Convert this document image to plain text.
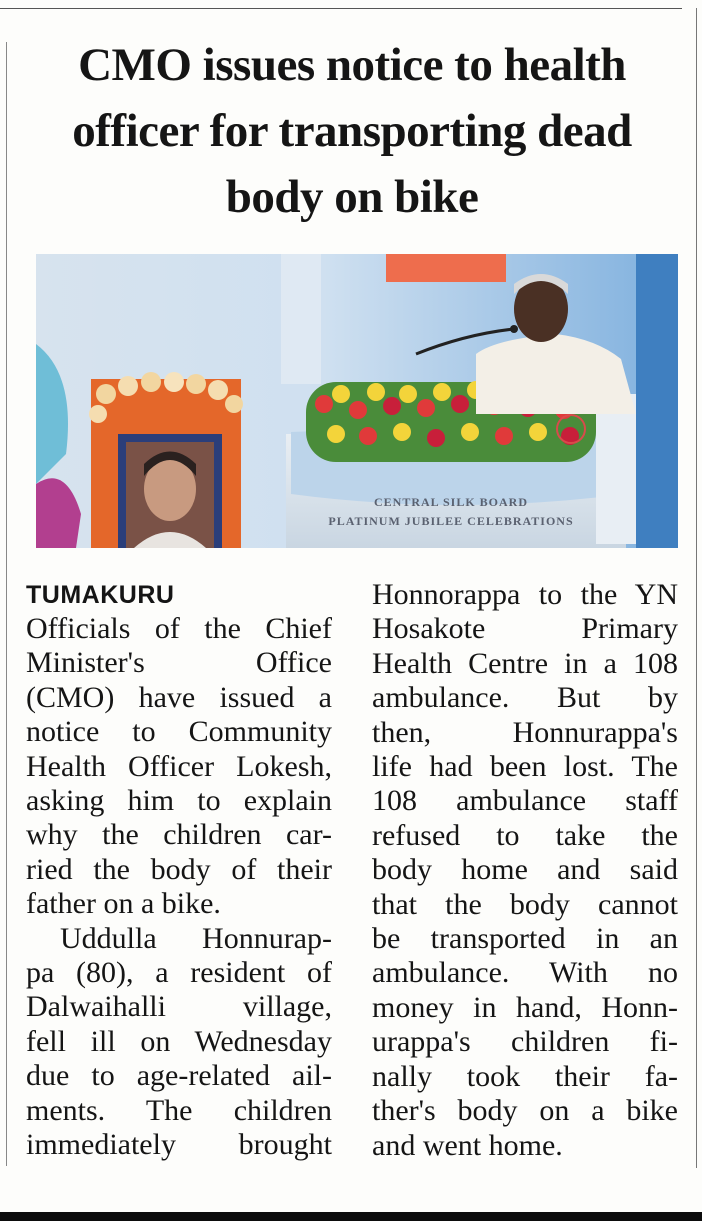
CMO issues notice to health
officer for transporting dead
body on bike
CENTRAL SILK BOARD
PLATINUM JUBILEE CELEBRATIONS
TUMAKURU
Officials of the Chief
Minister's Office
(CMO) have issued a
notice to Community
Health Officer Lokesh,
asking him to explain
why the children car-
ried the body of their
father on a bike.
Uddulla Honnurap-
pa (80), a resident of
Dalwaihalli village,
fell ill on Wednesday
due to age-related ail-
ments. The children
immediately brought
Honnorappa to the YN
Hosakote Primary
Health Centre in a 108
ambulance. But by
then, Honnurappa's
life had been lost. The
108 ambulance staff
refused to take the
body home and said
that the body cannot
be transported in an
ambulance. With no
money in hand, Honn-
urappa's children fi-
nally took their fa-
ther's body on a bike
and went home.
